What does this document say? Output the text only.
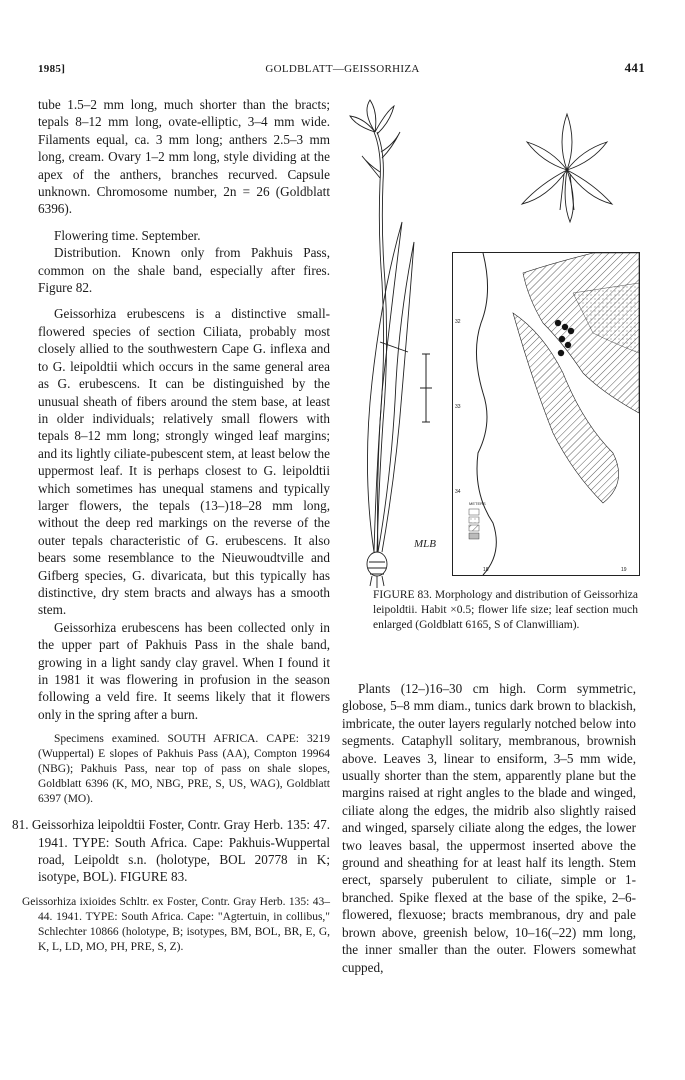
1985]	GOLDBLATT—GEISSORHIZA	441

tube 1.5–2 mm long, much shorter than the bracts; tepals 8–12 mm long, ovate-elliptic, 3–4 mm wide. Filaments equal, ca. 3 mm long; anthers 2.5–3 mm long, cream. Ovary 1–2 mm long, style dividing at the apex of the anthers, branches recurved. Capsule unknown. Chromosome number, 2n = 26 (Goldblatt 6396).

Flowering time. September.

Distribution. Known only from Pakhuis Pass, common on the shale band, especially after fires. Figure 82.

Geissorhiza erubescens is a distinctive small-flowered species of section Ciliata, probably most closely allied to the southwestern Cape G. inflexa and to G. leipoldtii which occurs in the same general area as G. erubescens. It can be distinguished by the unusual sheath of fibers around the stem base, at least in older individuals; relatively small flowers with tepals 8–12 mm long; strongly winged leaf margins; and its lightly ciliate-pubescent stem, at least below the uppermost leaf. It is perhaps closest to G. leipoldtii which sometimes has unequal stamens and typically larger flowers, the tepals (13–)18–28 mm long, without the deep red markings on the reverse of the outer tepals characteristic of G. erubescens. It also bears some resemblance to the Nieuwoudtville and Gifberg species, G. divaricata, but this typically has distinctive, dry stem bracts and always has a smooth stem.

Geissorhiza erubescens has been collected only in the upper part of Pakhuis Pass in the shale band, growing in a light sandy clay gravel. When I found it in 1981 it was flowering in profusion in the season following a veld fire. It seems likely that it flowers only in the spring after a burn.

Specimens examined. SOUTH AFRICA. CAPE: 3219 (Wuppertal) E slopes of Pakhuis Pass (AA), Compton 19964 (NBG); Pakhuis Pass, near top of pass on shale slopes, Goldblatt 6396 (K, MO, NBG, PRE, S, US, WAG), Goldblatt 6397 (MO).

81. Geissorhiza leipoldtii Foster, Contr. Gray Herb. 135: 47. 1941. TYPE: South Africa. Cape: Pakhuis-Wuppertal road, Leipoldt s.n. (holotype, BOL 20778 in K; isotype, BOL). FIGURE 83.

Geissorhiza ixioides Schltr. ex Foster, Contr. Gray Herb. 135: 43–44. 1941. TYPE: South Africa. Cape: "Agtertuin, in collibus," Schlechter 10866 (holotype, B; isotypes, BM, BOL, BR, E, G, K, L, LD, MO, PH, PRE, S, Z).

MLB
32
33
34
18	19
METERS
FIGURE 83. Morphology and distribution of Geissorhiza leipoldtii. Habit ×0.5; flower life size; leaf section much enlarged (Goldblatt 6165, S of Clanwilliam).

Plants (12–)16–30 cm high. Corm symmetric, globose, 5–8 mm diam., tunics dark brown to blackish, imbricate, the outer layers regularly notched below into segments. Cataphyll solitary, membranous, brownish above. Leaves 3, linear to ensiform, 3–5 mm wide, usually shorter than the stem, apparently plane but the margins raised at right angles to the blade and winged, ciliate along the edges, the midrib also slightly raised and winged, sparsely ciliate along the edges, the lower two leaves basal, the uppermost inserted above the ground and sheathing for at least half its length. Stem erect, sparsely puberulent to ciliate, simple or 1-branched. Spike flexed at the base of the spike, 2–6-flowered, flexuose; bracts membranous, dry and pale brown above, greenish below, 10–16(–22) mm long, the inner smaller than the outer. Flowers somewhat cupped,
